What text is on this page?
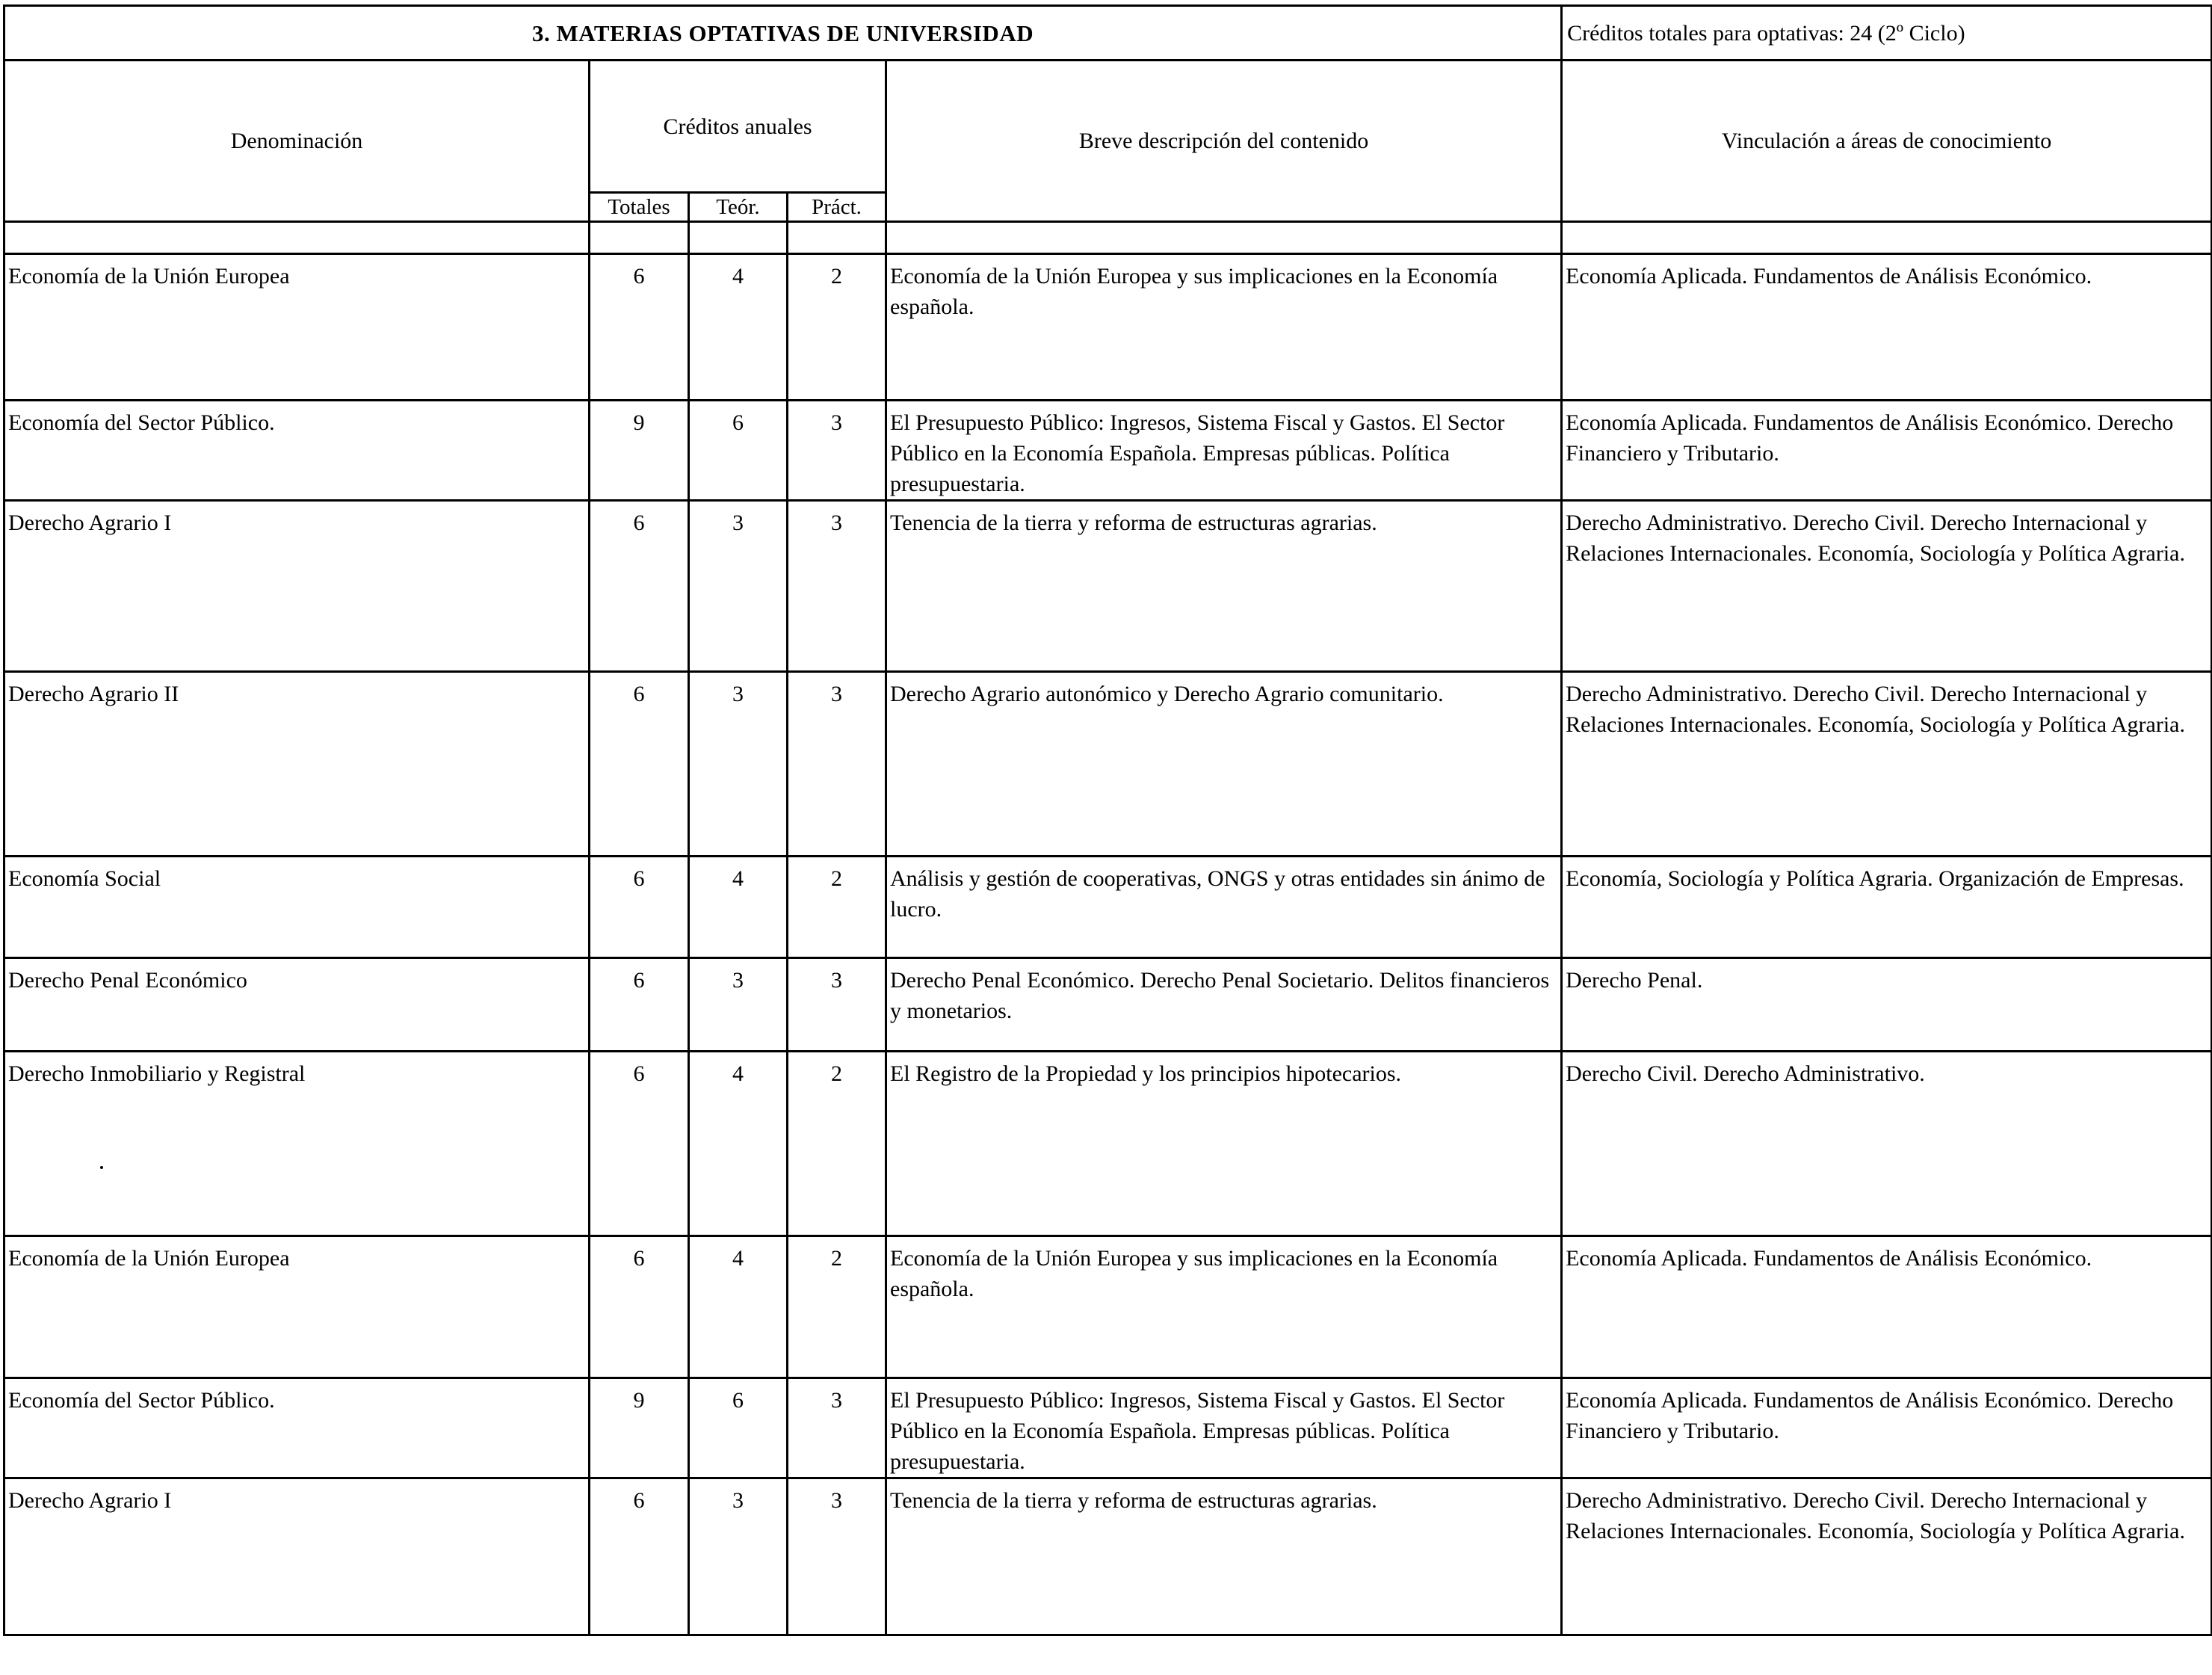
3. MATERIAS OPTATIVAS DE UNIVERSIDAD					Créditos totales para optativas: 24 (2º Ciclo)
Denominación	Créditos anuales			Breve descripción del contenido	Vinculación a áreas de conocimiento
	Totales	Teór.	Práct.		

Economía de la Unión Europea	6	4	2	Economía de la Unión Europea y sus implicaciones en la Economía española.	Economía Aplicada. Fundamentos de Análisis Económico.
Economía del Sector Público.	9	6	3	El Presupuesto Público: Ingresos, Sistema Fiscal y Gastos. El Sector Público en la Economía Española. Empresas públicas. Política presupuestaria.	Economía Aplicada. Fundamentos de Análisis Económico. Derecho Financiero y Tributario.
Derecho Agrario I	6	3	3	Tenencia de la tierra y reforma de estructuras agrarias.	Derecho Administrativo. Derecho Civil. Derecho Internacional y Relaciones Internacionales. Economía, Sociología y Política Agraria.
Derecho Agrario II	6	3	3	Derecho Agrario autonómico y Derecho Agrario comunitario.	Derecho Administrativo. Derecho Civil. Derecho Internacional y Relaciones Internacionales. Economía, Sociología y Política Agraria.
Economía Social	6	4	2	Análisis y gestión de cooperativas, ONGS y otras entidades sin ánimo de lucro.	Economía, Sociología y Política Agraria. Organización de Empresas.
Derecho Penal Económico	6	3	3	Derecho Penal Económico. Derecho Penal Societario. Delitos financieros y monetarios.	Derecho Penal.
Derecho Inmobiliario y Registral	6	4	2	El Registro de la Propiedad y los principios hipotecarios.	Derecho Civil. Derecho Administrativo.
Economía de la Unión Europea	6	4	2	Economía de la Unión Europea y sus implicaciones en la Economía española.	Economía Aplicada. Fundamentos de Análisis Económico.
Economía del Sector Público.	9	6	3	El Presupuesto Público: Ingresos, Sistema Fiscal y Gastos. El Sector Público en la Economía Española. Empresas públicas. Política presupuestaria.	Economía Aplicada. Fundamentos de Análisis Económico. Derecho Financiero y Tributario.
Derecho Agrario I	6	3	3	Tenencia de la tierra y reforma de estructuras agrarias.	Derecho Administrativo. Derecho Civil. Derecho Internacional y Relaciones Internacionales. Economía, Sociología y Política Agraria.
